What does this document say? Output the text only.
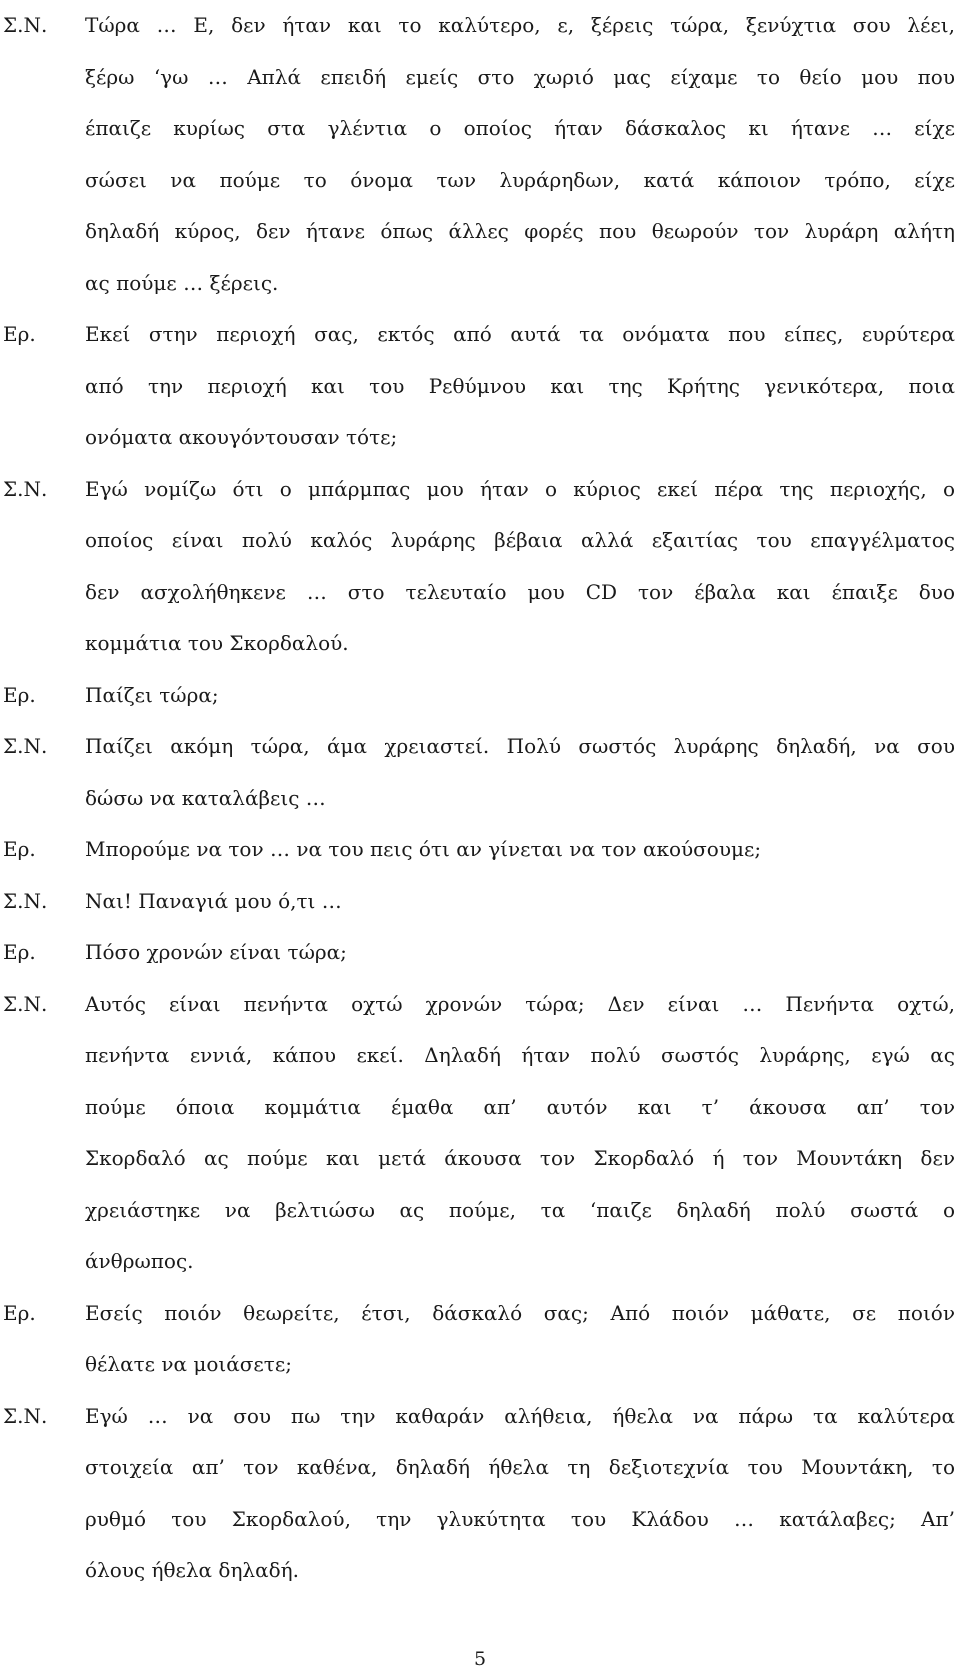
Σ.Ν.	Τώρα … Ε, δεν ήταν και το καλύτερο, ε, ξέρεις τώρα, ξενύχτια σου λέει,
ξέρω ‘γω … Απλά επειδή εμείς στο χωριό μας είχαμε το θείο μου που
έπαιζε κυρίως στα γλέντια ο οποίος ήταν δάσκαλος κι ήτανε … είχε
σώσει να πούμε το όνομα των λυράρηδων, κατά κάποιον τρόπο, είχε
δηλαδή κύρος, δεν ήτανε όπως άλλες φορές που θεωρούν τον λυράρη αλήτη
ας πούμε … ξέρεις.
Ερ.	Εκεί στην περιοχή σας, εκτός από αυτά τα ονόματα που είπες, ευρύτερα
από την περιοχή και του Ρεθύμνου και της Κρήτης γενικότερα, ποια
ονόματα ακουγόντουσαν τότε;
Σ.Ν.	Εγώ νομίζω ότι ο μπάρμπας μου ήταν ο κύριος εκεί πέρα της περιοχής, ο
οποίος είναι πολύ καλός λυράρης βέβαια αλλά εξαιτίας του επαγγέλματος
δεν ασχολήθηκενε … στο τελευταίο μου CD τον έβαλα και έπαιξε δυο
κομμάτια του Σκορδαλού.
Ερ.	Παίζει τώρα;
Σ.Ν.	Παίζει ακόμη τώρα, άμα χρειαστεί. Πολύ σωστός λυράρης δηλαδή, να σου
δώσω να καταλάβεις …
Ερ.	Μπορούμε να τον … να του πεις ότι αν γίνεται να τον ακούσουμε;
Σ.Ν.	Ναι! Παναγιά μου ό,τι …
Ερ.	Πόσο χρονών είναι τώρα;
Σ.Ν.	Αυτός είναι πενήντα οχτώ χρονών τώρα; Δεν είναι … Πενήντα οχτώ,
πενήντα εννιά, κάπου εκεί. Δηλαδή ήταν πολύ σωστός λυράρης, εγώ ας
πούμε όποια κομμάτια έμαθα απ’ αυτόν και τ’ άκουσα απ’ τον
Σκορδαλό ας πούμε και μετά άκουσα τον Σκορδαλό ή τον Μουντάκη δεν
χρειάστηκε να βελτιώσω ας πούμε, τα ‘παιζε δηλαδή πολύ σωστά ο
άνθρωπος.
Ερ.	Εσείς ποιόν θεωρείτε, έτσι, δάσκαλό σας; Από ποιόν μάθατε, σε ποιόν
θέλατε να μοιάσετε;
Σ.Ν.	Εγώ … να σου πω την καθαράν αλήθεια, ήθελα να πάρω τα καλύτερα
στοιχεία απ’ τον καθένα, δηλαδή ήθελα τη δεξιοτεχνία του Μουντάκη, το
ρυθμό του Σκορδαλού, την γλυκύτητα του Κλάδου … κατάλαβες; Απ’
όλους ήθελα δηλαδή.
5
